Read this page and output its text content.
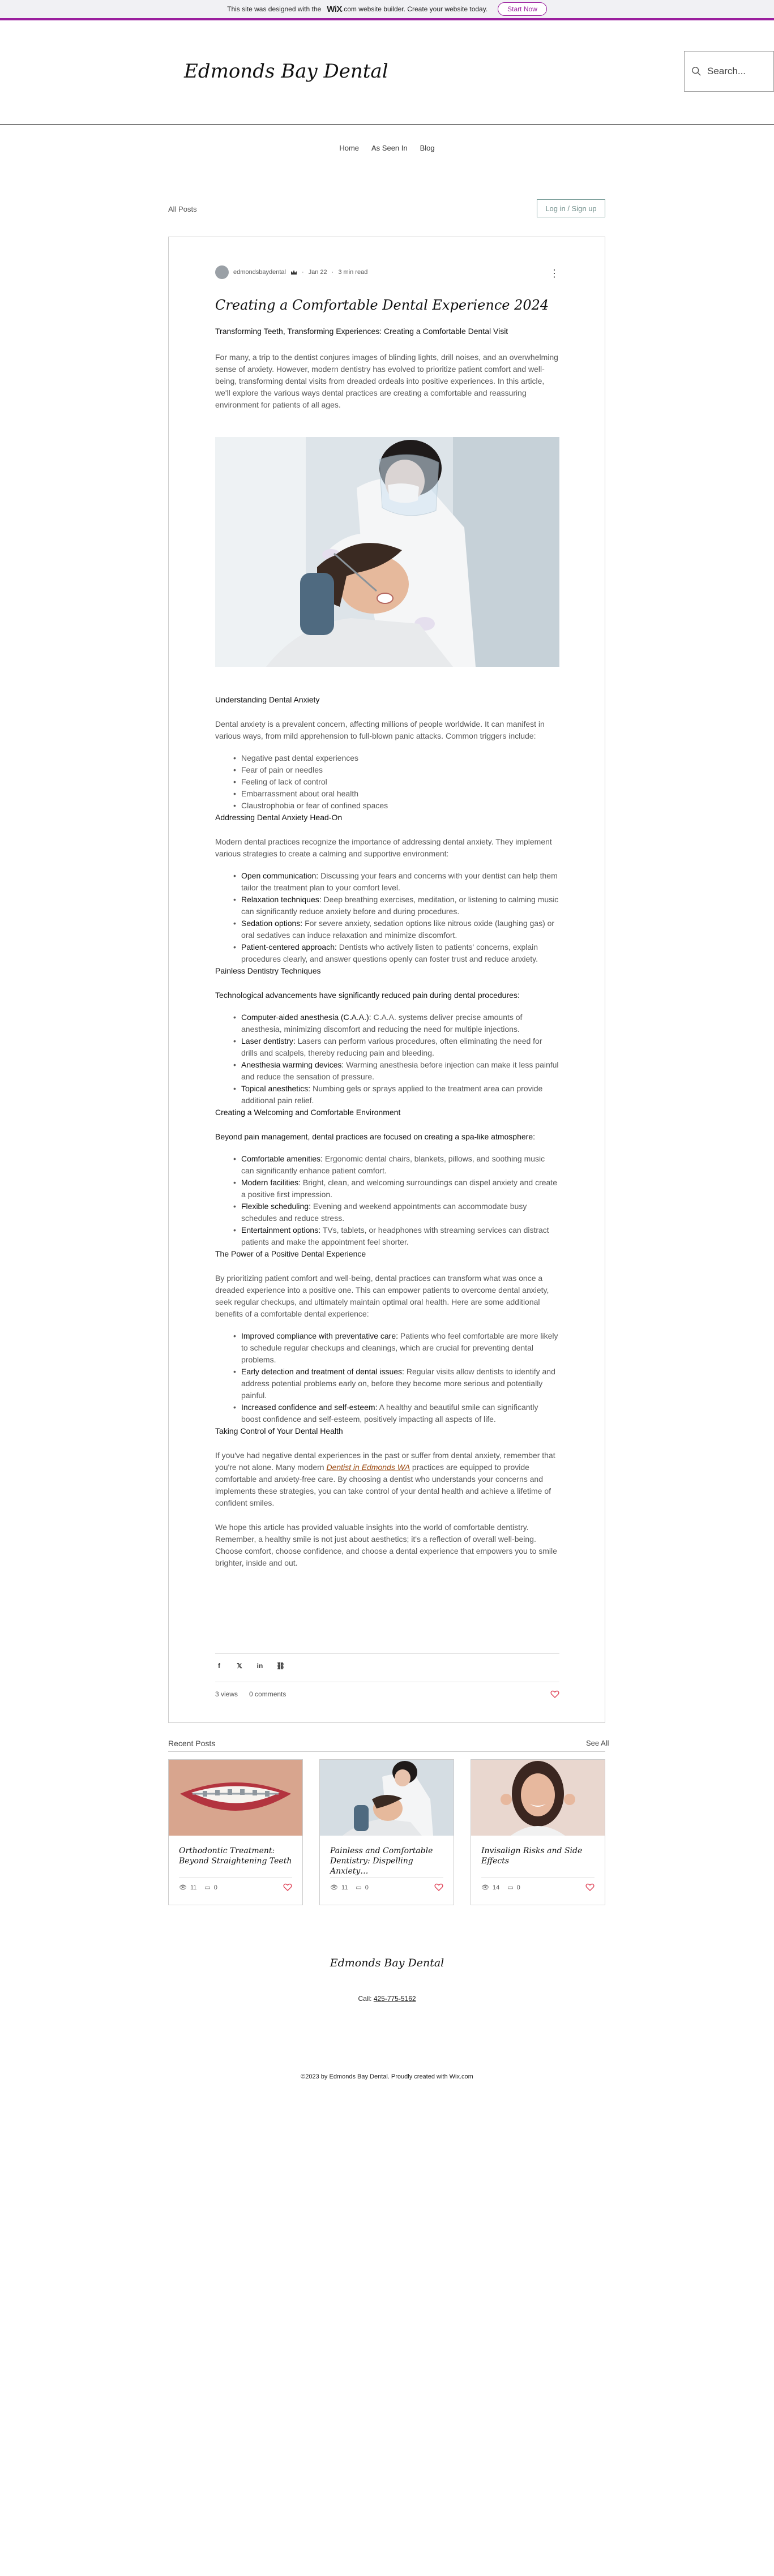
This site was designed with the WiX .com website builder. Create your website today.	Start Now
Edmonds Bay Dental	Search...
Home As Seen In Blog
All Posts	Log in / Sign up
edmondsbaydental	· Jan 22 · 3 min read	⋮
Creating a Comfortable Dental Experience 2024
Transforming Teeth, Transforming Experiences: Creating a Comfortable Dental Visit

For many, a trip to the dentist conjures images of blinding lights, drill noises, and an overwhelming sense of anxiety. However, modern dentistry has evolved to prioritize patient comfort and well-being, transforming dental visits from dreaded ordeals into positive experiences. In this article, we'll explore the various ways dental practices are creating a comfortable and reassuring environment for patients of all ages.

Understanding Dental Anxiety

Dental anxiety is a prevalent concern, affecting millions of people worldwide. It can manifest in various ways, from mild apprehension to full-blown panic attacks. Common triggers include:

• Negative past dental experiences
• Fear of pain or needles
• Feeling of lack of control
• Embarrassment about oral health
• Claustrophobia or fear of confined spaces
Addressing Dental Anxiety Head-On

Modern dental practices recognize the importance of addressing dental anxiety. They implement various strategies to create a calming and supportive environment:

• Open communication: Discussing your fears and concerns with your dentist can help them tailor the treatment plan to your comfort level.
• Relaxation techniques: Deep breathing exercises, meditation, or listening to calming music can significantly reduce anxiety before and during procedures.
• Sedation options: For severe anxiety, sedation options like nitrous oxide (laughing gas) or oral sedatives can induce relaxation and minimize discomfort.
• Patient-centered approach: Dentists who actively listen to patients' concerns, explain procedures clearly, and answer questions openly can foster trust and reduce anxiety.
Painless Dentistry Techniques

Technological advancements have significantly reduced pain during dental procedures:

• Computer-aided anesthesia (C.A.A.): C.A.A. systems deliver precise amounts of anesthesia, minimizing discomfort and reducing the need for multiple injections.
• Laser dentistry: Lasers can perform various procedures, often eliminating the need for drills and scalpels, thereby reducing pain and bleeding.
• Anesthesia warming devices: Warming anesthesia before injection can make it less painful and reduce the sensation of pressure.
• Topical anesthetics: Numbing gels or sprays applied to the treatment area can provide additional pain relief.
Creating a Welcoming and Comfortable Environment

Beyond pain management, dental practices are focused on creating a spa-like atmosphere:

• Comfortable amenities: Ergonomic dental chairs, blankets, pillows, and soothing music can significantly enhance patient comfort.
• Modern facilities: Bright, clean, and welcoming surroundings can dispel anxiety and create a positive first impression.
• Flexible scheduling: Evening and weekend appointments can accommodate busy schedules and reduce stress.
• Entertainment options: TVs, tablets, or headphones with streaming services can distract patients and make the appointment feel shorter.
The Power of a Positive Dental Experience

By prioritizing patient comfort and well-being, dental practices can transform what was once a dreaded experience into a positive one. This can empower patients to overcome dental anxiety, seek regular checkups, and ultimately maintain optimal oral health. Here are some additional benefits of a comfortable dental experience:

• Improved compliance with preventative care: Patients who feel comfortable are more likely to schedule regular checkups and cleanings, which are crucial for preventing dental problems.
• Early detection and treatment of dental issues: Regular visits allow dentists to identify and address potential problems early on, before they become more serious and potentially painful.
• Increased confidence and self-esteem: A healthy and beautiful smile can significantly boost confidence and self-esteem, positively impacting all aspects of life.
Taking Control of Your Dental Health

If you've had negative dental experiences in the past or suffer from dental anxiety, remember that you're not alone. Many modern Dentist in Edmonds WA practices are equipped to provide comfortable and anxiety-free care. By choosing a dentist who understands your concerns and implements these strategies, you can take control of your dental health and achieve a lifetime of confident smiles.

We hope this article has provided valuable insights into the world of comfortable dentistry. Remember, a healthy smile is not just about aesthetics; it's a reflection of overall well-being. Choose comfort, choose confidence, and choose a dental experience that empowers you to smile brighter, inside and out.

f	𝕏 in ⛓
3 views 0 comments
Recent Posts	See All
Orthodontic Treatment: Beyond Straightening Teeth
👁 11 ▭ 0
Painless and Comfortable Dentistry: Dispelling Anxiety…
👁 11 ▭ 0
Invisalign Risks and Side Effects
👁 14 ▭ 0
Edmonds Bay Dental
Call: 425-775-5162
©2023 by Edmonds Bay Dental. Proudly created with Wix.com
